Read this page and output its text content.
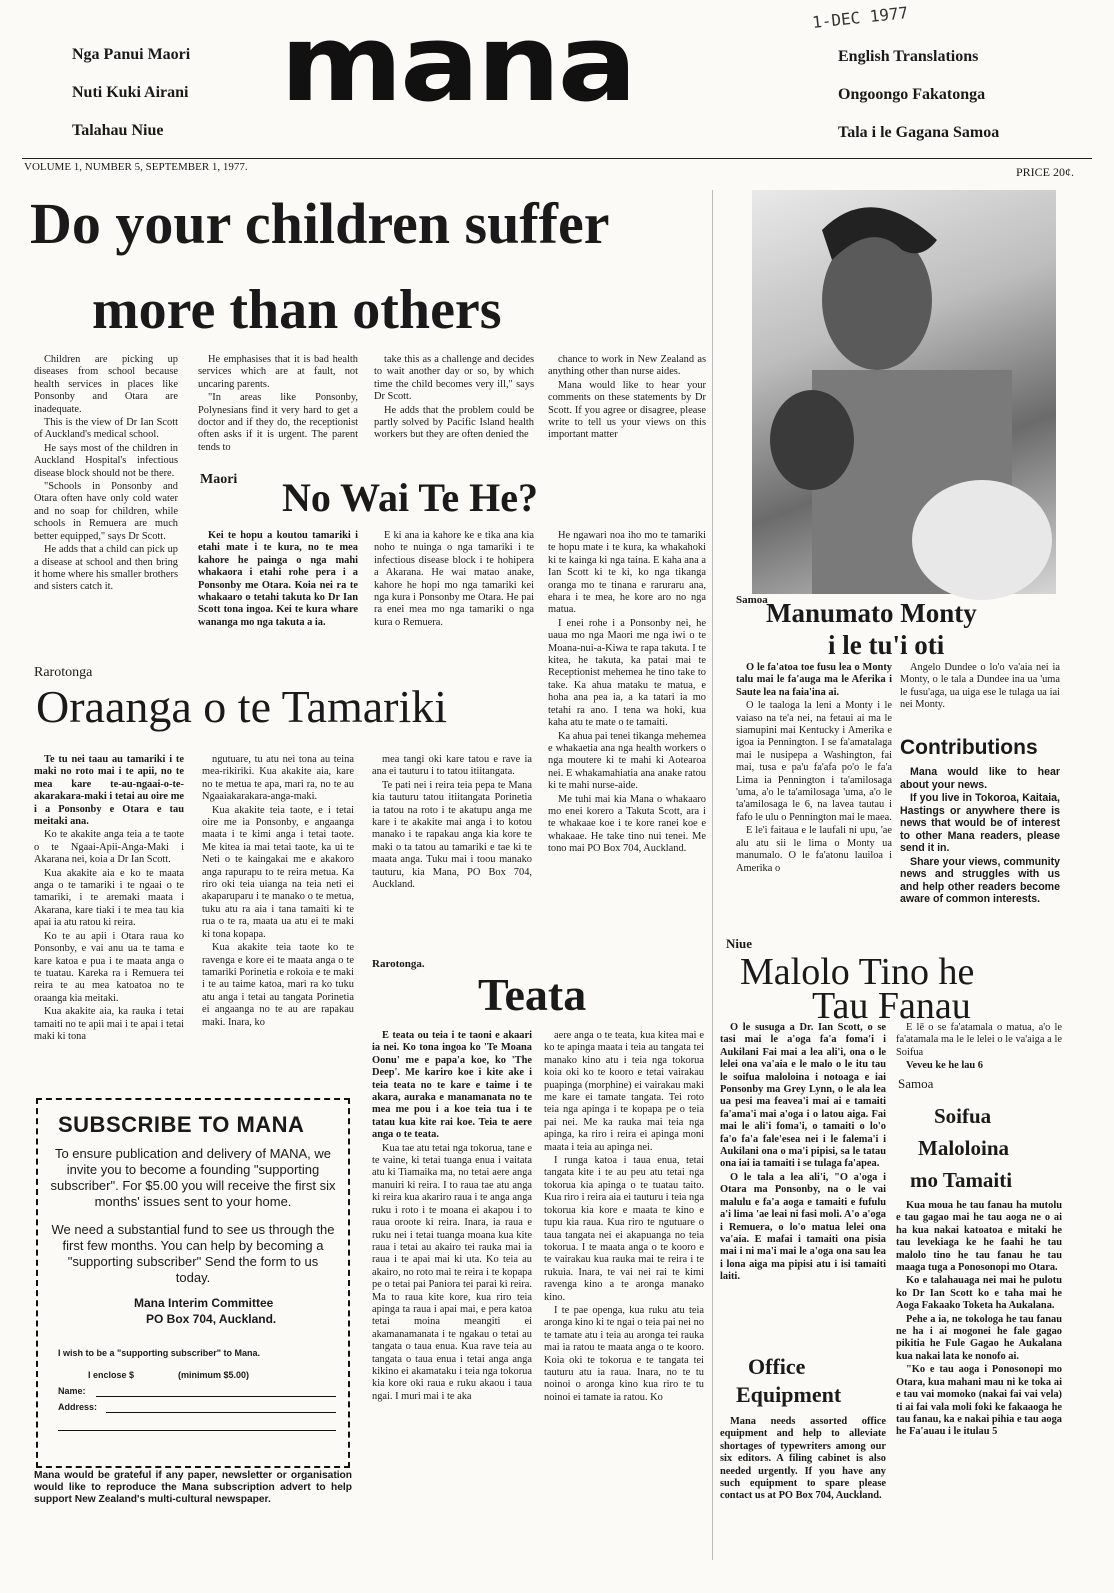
Nga Panui Maori
Nuti Kuki Airani
Talahau Niue
mana	English Translations
Ongoongo Fakatonga
Tala i le Gagana Samoa
1-DEC 1977
VOLUME 1, NUMBER 5, SEPTEMBER 1, 1977.	PRICE 20¢.
Do your children suffer
more than others

Children are picking up diseases from school because health services in places like Ponsonby and Otara are inadequate.

This is the view of Dr Ian Scott of Auckland's medical school.

He says most of the children in Auckland Hospital's infectious disease block should not be there.

"Schools in Ponsonby and Otara often have only cold water and no soap for children, while schools in Remuera are much better equipped," says Dr Scott.

He adds that a child can pick up a disease at school and then bring it home where his smaller brothers and sisters catch it.

He emphasises that it is bad health services which are at fault, not uncaring parents.

"In areas like Ponsonby, Polynesians find it very hard to get a doctor and if they do, the receptionist often asks if it is urgent. The parent tends to

take this as a challenge and decides to wait another day or so, by which time the child becomes very ill," says Dr Scott.

He adds that the problem could be partly solved by Pacific Island health workers but they are often denied the

chance to work in New Zealand as anything other than nurse aides.

Mana would like to hear your comments on these statements by Dr Scott. If you agree or disagree, please write to tell us your views on this important matter

Maori No Wai Te He?

Kei te hopu a koutou tamariki i etahi mate i te kura, no te mea kahore he painga o nga mahi whakaora i etahi rohe pera i a Ponsonby me Otara. Koia nei ra te whakaaro o tetahi takuta ko Dr Ian Scott tona ingoa. Kei te kura whare wananga mo nga takuta a ia.

E ki ana ia kahore ke e tika ana kia noho te nuinga o nga tamariki i te infectious disease block i te hohipera a Akarana. He wai matao anake, kahore he hopi mo nga tamariki kei nga kura i Ponsonby me Otara. He pai ra enei mea mo nga tamariki o nga kura o Remuera.

He ngawari noa iho mo te tamariki te hopu mate i te kura, ka whakahoki ki te kainga ki nga taina. E kaha ana a Ian Scott ki te ki, ko nga tikanga oranga mo te tinana e raruraru ana, ehara i te mea, he kore aro no nga matua.

I enei rohe i a Ponsonby nei, he uaua mo nga Maori me nga iwi o te Moana-nui-a-Kiwa te rapa takuta. I te kitea, he takuta, ka patai mai te Receptionist mehemea he tino take to take. Ka ahua mataku te matua, e hoha ana pea ia, a ka tatari ia mo tetahi ra ano. I tena wa hoki, kua kaha atu te mate o te tamaiti.

Ka ahua pai tenei tikanga mehemea e whakaetia ana nga health workers o nga moutere ki te mahi ki Aotearoa nei. E whakamahiatia ana anake ratou ki te mahi nurse-aide.

Me tuhi mai kia Mana o whakaaro mo enei korero a Takuta Scott, ara i te whakaae koe i te kore ranei koe e whakaae. He take tino nui tenei. Me tono mai PO Box 704, Auckland.

Samoa
Manumato Monty
i le tu'i oti

O le fa'atoa toe fusu lea o Monty talu mai le fa'auga ma le Aferika i Saute lea na faia'ina ai.

O le taaloga la leni a Monty i le vaiaso na te'a nei, na fetaui ai ma le siamupini mai Kentucky i Amerika e igoa ia Pennington. I se fa'amatalaga mai le nusipepa a Washington, fai mai, tusa e pa'u fa'afa po'o le fa'a Lima ia Pennington i ta'amilosaga 'uma, a'o le ta'amilosaga 'uma, a'o le ta'amilosaga le 6, na lavea tautau i fafo le ulu o Pennington mai le maea.

E le'i faitaua e le laufali ni upu, 'ae alu atu sii le lima o Monty ua manumalo. O le fa'atonu lauiloa i Amerika o

Angelo Dundee o lo'o va'aia nei ia Monty, o le tala a Dundee ina ua 'uma le fusu'aga, ua uiga ese le tulaga ua iai nei Monty.

Contributions

Mana would like to hear about your news.

If you live in Tokoroa, Kaitaia, Hastings or anywhere there is news that would be of interest to other Mana readers, please send it in.

Share your views, community news and struggles with us and help other readers become aware of common interests.

Rarotonga
Oraanga o te Tamariki

Te tu nei taau au tamariki i te maki no roto mai i te apii, no te mea kare te-au-ngaai-o-te-akarakara-maki i tetai au oire me i a Ponsonby e Otara e tau meitaki ana.

Ko te akakite anga teia a te taote o te Ngaai-Apii-Anga-Maki i Akarana nei, koia a Dr Ian Scott.

Kua akakite aia e ko te maata anga o te tamariki i te ngaai o te tamariki, i te aremaki maata i Akarana, kare tiaki i te mea tau kia apai ia atu ratou ki reira.

Ko te au apii i Otara raua ko Ponsonby, e vai anu ua te tama e kare katoa e pua i te maata anga o te tuatau. Kareka ra i Remuera tei reira te au mea katoatoa no te oraanga kia meitaki.

Kua akakite aia, ka rauka i tetai tamaiti no te apii mai i te apai i tetai maki ki tona

ngutuare, tu atu nei tona au teina mea-rikiriki. Kua akakite aia, kare no te metua te apa, mari ra, no te au Ngaaiakarakara-anga-maki.

Kua akakite teia taote, e i tetai oire me ia Ponsonby, e angaanga maata i te kimi anga i tetai taote. Me kitea ia mai tetai taote, ka ui te Neti o te kaingakai me e akakoro anga rapurapu to te reira metua. Ka riro oki teia uianga na teia neti ei akaparuparu i te manako o te metua, tuku atu ra aia i tana tamaiti ki te rua o te ra, maata ua atu ei te maki ki tona kopapa.

Kua akakite teia taote ko te ravenga e kore ei te maata anga o te tamariki Porinetia e rokoia e te maki i te au taime katoa, mari ra ko tuku atu anga i tetai au tangata Porinetia ei angaanga no te au are rapakau maki. Inara, ko

mea tangi oki kare tatou e rave ia ana ei tauturu i to tatou itiitangata.

Te pati nei i reira teia pepa te Mana kia tauturu tatou itiitangata Porinetia ia tatou na roto i te akatupu anga me kare i te akakite mai anga i to kotou manako i te rapakau anga kia kore te maki o ta tatou au tamariki e tae ki te maata anga. Tuku mai i toou manako tauturu, kia Mana, PO Box 704, Auckland.

Rarotonga.
Teata

E teata ou teia i te taoni e akaari ia nei. Ko tona ingoa ko 'Te Moana Oonu' me e papa'a koe, ko 'The Deep'. Me kariro koe i kite ake i teia teata no te kare e taime i te akara, auraka e manamanata no te mea me pou i a koe teia tua i te tatau kua kite rai koe. Teia te aere anga o te teata.

Kua tae atu tetai nga tokorua, tane e te vaine, ki tetai tuanga enua i vaitata atu ki Tiamaika ma, no tetai aere anga manuiri ki reira. I to raua tae atu anga ki reira kua akariro raua i te anga anga ruku i roto i te moana ei akapou i to raua oroote ki reira. Inara, ia raua e ruku nei i tetai tuanga moana kua kite raua i tetai au akairo tei rauka mai ia raua i te apai mai ki uta. Ko teia au akairo, no roto mai te reira i te kopapa pe o tetai pai Paniora tei parai ki reira. Ma to raua kite kore, kua riro teia apinga ta raua i apai mai, e pera katoa tetai moina meangiti ei akamanamanata i te ngakau o tetai au tangata o taua enua. Kua rave teia au tangata o taua enua i tetai anga anga kikino ei akamataku i teia nga tokorua kia kore oki raua e ruku akaou i taua ngai. I muri mai i te aka

aere anga o te teata, kua kitea mai e ko te apinga maata i teia au tangata tei manako kino atu i teia nga tokorua koia oki ko te kooro e tetai vairakau puapinga (morphine) ei vairakau maki me kare ei tamate tangata. Tei roto teia nga apinga i te kopapa pe o teia pai nei. Me ka rauka mai teia nga apinga, ka riro i reira ei apinga moni maata i teia au apinga nei.

I runga katoa i taua enua, tetai tangata kite i te au peu atu tetai nga tokorua kia apinga o te tuatau taito. Kua riro i reira aia ei tauturu i teia nga tokorua kia kore e maata te kino e tupu kia raua. Kua riro te ngutuare o taua tangata nei ei akapuanga no teia tokorua. I te maata anga o te kooro e te vairakau kua rauka mai te reira i te rukuia. Inara, te vai nei rai te kimi ravenga kino a te aronga manako kino.

I te pae openga, kua ruku atu teia aronga kino ki te ngai o teia pai nei no te tamate atu i teia au aronga tei rauka mai ia ratou te maata anga o te kooro. Koia oki te tokorua e te tangata tei tauturu atu ia raua. Inara, no te tu noinoi o aronga kino kua riro te tu noinoi ei tamate ia ratou. Ko

Niue
Malolo Tino he
Tau Fanau

O le susuga a Dr. Ian Scott, o se tasi mai le a'oga fa'a foma'i i Aukilani Fai mai a lea ali'i, ona o le lelei ona va'aia e le malo o le itu tau le soifua maloloina i notoaga e iai Ponsonby ma Grey Lynn, o le ala lea ua pesi ma feavea'i mai ai e tamaiti fa'ama'i mai a'oga i o latou aiga. Fai mai le ali'i foma'i, o tamaiti o lo'o fa'o fa'a fale'esea nei i le falema'i i Aukilani ona o ma'i pipisi, sa le tatau ona iai ia tamaiti i se tulaga fa'apea.

O le tala a lea ali'i, "O a'oga i Otara ma Ponsonby, na o le vai malulu e fa'a aoga e tamaiti e fufulu a'i lima 'ae leai ni fasi moli. A'o a'oga i Remuera, o lo'o matua lelei ona va'aia. E mafai i tamaiti ona pisia mai i ni ma'i mai le a'oga ona sau lea i lona aiga ma pipisi atu i isi tamaiti laiti.

E lē o se fa'atamala o matua, a'o le fa'atamala ma le le lelei o le va'aiga a le Soifua

Veveu ke he lau 6

Samoa
Soifua
Maloloina
mo Tamaiti

Kua moua he tau fanau ha mutolu e tau gagao mai he tau aoga ne o ai ha kua nakai katoatoa e mitaki he tau levekiaga ke he faahi he tau malolo tino he tau fanau he tau maaga tuga a Ponosonopi mo Otara.

Ko e talahauaga nei mai he pulotu ko Dr Ian Scott ko e taha mai he Aoga Fakaako Toketa ha Aukalana.

Pehe a ia, ne tokologa he tau fanau ne ha i ai mogonei he fale gagao pikitia he Fule Gagao he Aukalana kua nakai lata ke nonofo ai.

"Ko e tau aoga i Ponosonopi mo Otara, kua mahani mau ni ke toka ai e tau vai momoko (nakai fai vai vela) ti ai fai vala moli foki ke fakaaoga he tau fanau, ka e nakai pihia e tau aoga he Fa'auau i le itulau 5

Office
Equipment

Mana needs assorted office equipment and help to alleviate shortages of typewriters among our six editors. A filing cabinet is also needed urgently. If you have any such equipment to spare please contact us at PO Box 704, Auckland.

SUBSCRIBE TO MANA
To ensure publication and delivery of MANA, we invite you to become a founding "supporting subscriber". For $5.00 you will receive the first six months' issues sent to your home.
We need a substantial fund to see us through the first few months. You can help by becoming a "supporting subscriber" Send the form to us today.
Mana Interim Committee
PO Box 704, Auckland.
I wish to be a "supporting subscriber" to Mana.
I enclose $	(minimum $5.00)
Name:
Address:

Mana would be grateful if any paper, newsletter or organisation would like to reproduce the Mana subscription advert to help support New Zealand's multi-cultural newspaper.
